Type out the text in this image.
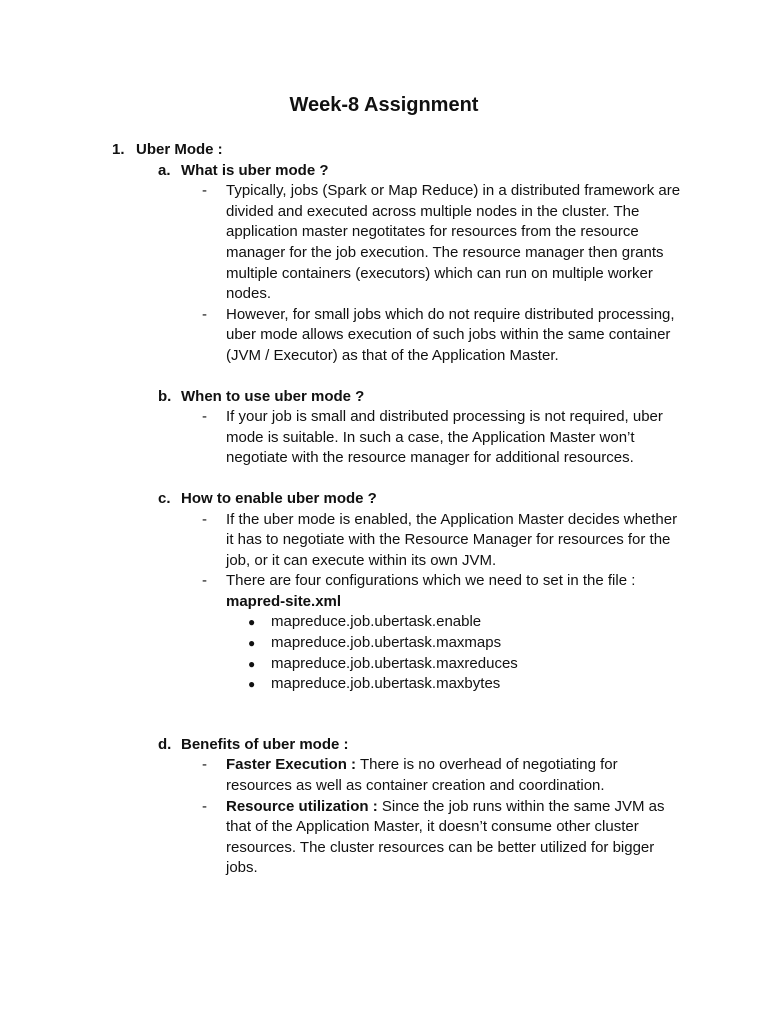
Week-8 Assignment
1. Uber Mode :
a. What is uber mode ?
- Typically, jobs (Spark or Map Reduce) in a distributed framework are divided and executed across multiple nodes in the cluster. The application master negotitates for resources from the resource manager for the job execution. The resource manager then grants multiple containers (executors) which can run on multiple worker nodes.
- However, for small jobs which do not require distributed processing, uber mode allows execution of such jobs within the same container (JVM / Executor) as that of the Application Master.
b. When to use uber mode ?
- If your job is small and distributed processing is not required, uber mode is suitable. In such a case, the Application Master won’t negotiate with the resource manager for additional resources.
c. How to enable uber mode ?
- If the uber mode is enabled, the Application Master decides whether it has to negotiate with the Resource Manager for resources for the job, or it can execute within its own JVM.
- There are four configurations which we need to set in the file :
mapred-site.xml
● mapreduce.job.ubertask.enable
● mapreduce.job.ubertask.maxmaps
● mapreduce.job.ubertask.maxreduces
● mapreduce.job.ubertask.maxbytes
d. Benefits of uber mode :
- Faster Execution : There is no overhead of negotiating for resources as well as container creation and coordination.
- Resource utilization : Since the job runs within the same JVM as that of the Application Master, it doesn’t consume other cluster resources. The cluster resources can be better utilized for bigger jobs.
